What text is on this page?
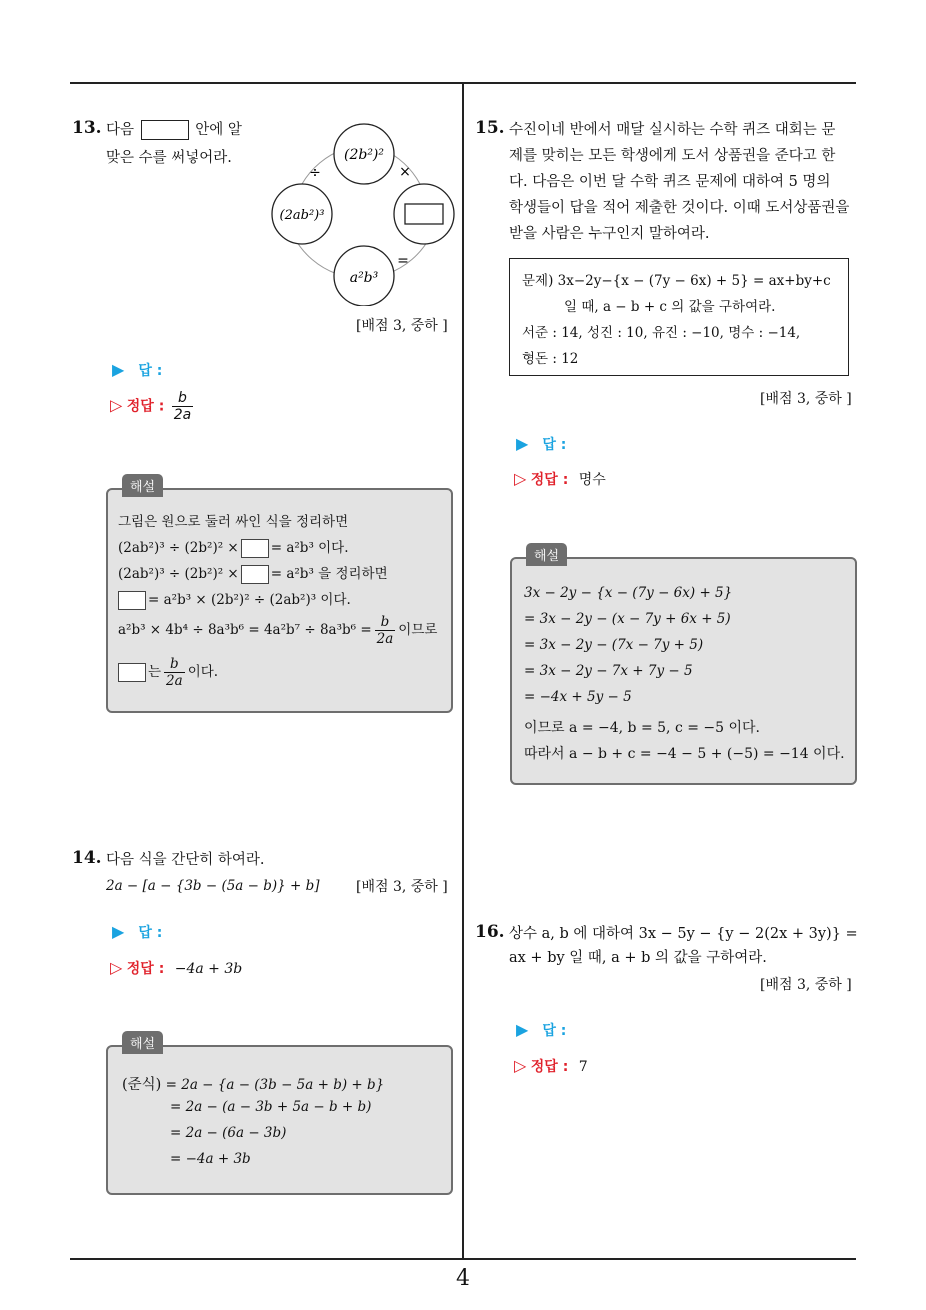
4
13. 다음	안에 알
맞은 수를 써넣어라.	(2b²)²
(2ab²)³
a²b³
÷	×
=
[배점 3, 중하 ]
▶ 답 :
▷ 정답 : $\frac{b}{2a}$
해설
그림은 원으로 둘러 싸인 식을 정리하면
(2ab²)³ ÷ (2b²)² × = a²b³ 이다.
(2ab²)³ ÷ (2b²)² × = a²b³ 을 정리하면
= a²b³ × (2b²)² ÷ (2ab²)³ 이다.
$a^2b^3 \times 4b^4 \div 8a^3b^6 = 4a^2b^7 \div 8a^3b^6 = \frac{b}{2a}$ 이므로
는 $\frac{b}{2a}$ 이다.
14. 다음 식을 간단히 하여라.
2a − [a − {3b − (5a − b)} + b]	[배점 3, 중하 ]
▶ 답 :
▷ 정답 : −4a + 3b
해설
(준식) = 2a − {a − (3b − 5a + b) + b}
= 2a − (a − 3b + 5a − b + b)
= 2a − (6a − 3b)
= −4a + 3b
15. 수진이네 반에서 매달 실시하는 수학 퀴즈 대회는 문
제를 맞히는 모든 학생에게 도서 상품권을 준다고 한
다. 다음은 이번 달 수학 퀴즈 문제에 대하여 5 명의
학생들이 답을 적어 제출한 것이다. 이때 도서상품권을
받을 사람은 누구인지 말하여라.
문제) 3x−2y−{x − (7y − 6x) + 5} = ax+by+c
일 때, a − b + c 의 값을 구하여라.
서준 : 14, 성진 : 10, 유진 : −10, 명수 : −14,
형돈 : 12
[배점 3, 중하 ]
▶ 답 :
▷ 정답 : 명수
해설
3x − 2y − {x − (7y − 6x) + 5}
= 3x − 2y − (x − 7y + 6x + 5)
= 3x − 2y − (7x − 7y + 5)
= 3x − 2y − 7x + 7y − 5
= −4x + 5y − 5
이므로 a = −4, b = 5, c = −5 이다.
따라서 a − b + c = −4 − 5 + (−5) = −14 이다.
16. 상수 a, b 에 대하여 3x − 5y − {y − 2(2x + 3y)} =
ax + by 일 때, a + b 의 값을 구하여라.
[배점 3, 중하 ]
▶ 답 :
▷ 정답 : 7
